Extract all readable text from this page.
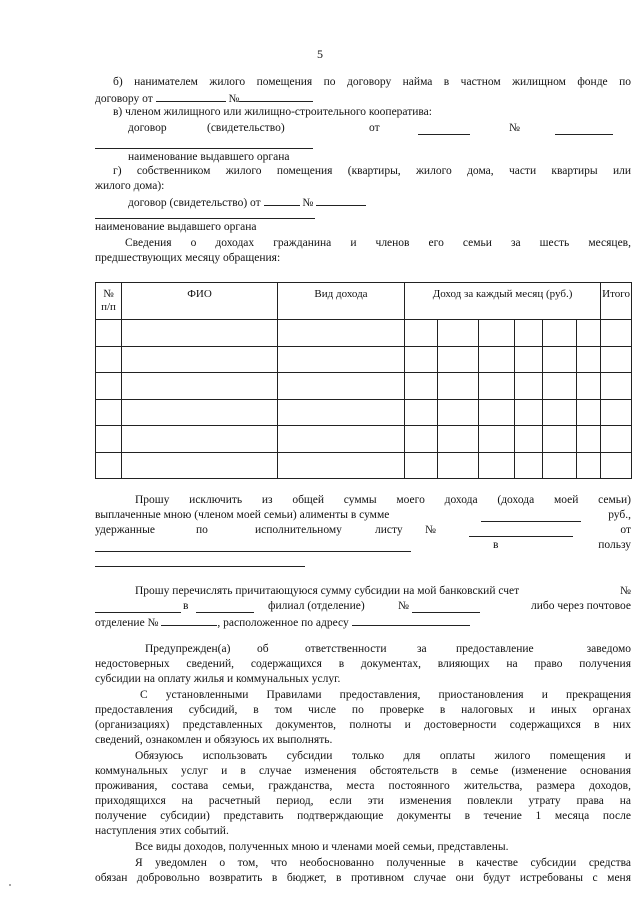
5
б) нанимателем жилого помещения по договору найма в частном жилищном фонде по
договору от	№
в) членом жилищного или жилищно-строительного кооператива:
договор	(свидетельство)	от	№
наименование выдавшего органа
г) собственником жилого помещения (квартиры, жилого дома, части квартиры или
жилого дома):
договор (свидетельство) от	№
наименование выдавшего органа
Сведения о доходах гражданина и членов его семьи за шесть месяцев,
предшествующих месяцу обращения:
№
п/п	ФИО	Вид дохода	Доход за каждый месяц (руб.)						Итого

Прошу исключить из общей суммы моего дохода (дохода моей семьи)
выплаченные мною (членом моей семьи) алименты в сумме	руб.,
удержанные	по	исполнительному	листу №	от
в	пользу
Прошу перечислять причитающуюся сумму субсидии на мой банковский счет	№
в	филиал (отделение)	№	либо через почтовое
отделение №	, расположенное по адресу
Предупрежден(а) об	ответственности	за	предоставление	заведомо
недостоверных сведений, содержащихся в документах, влияющих на право получения
субсидии на оплату жилья и коммунальных услуг.
С установленными Правилами предоставления, приостановления и прекращения
предоставления субсидий, в том числе по проверке в налоговых и иных органах
(организациях) представленных документов, полноты и достоверности содержащихся в них
сведений, ознакомлен и обязуюсь их выполнять.
Обязуюсь использовать субсидии только для оплаты жилого помещения и
коммунальных услуг и в случае изменения обстоятельств в семье (изменение основания
проживания, состава семьи, гражданства, места постоянного жительства, размера доходов,
приходящихся на расчетный период, если эти изменения повлекли утрату права на
получение субсидии) представить подтверждающие документы в течение 1 месяца после
наступления этих событий.
Все виды доходов, полученных мною и членами моей семьи, представлены.
Я уведомлен о том, что необоснованно полученные в качестве субсидии средства
обязан добровольно возвратить в бюджет, в противном случае они будут истребованы с меня
